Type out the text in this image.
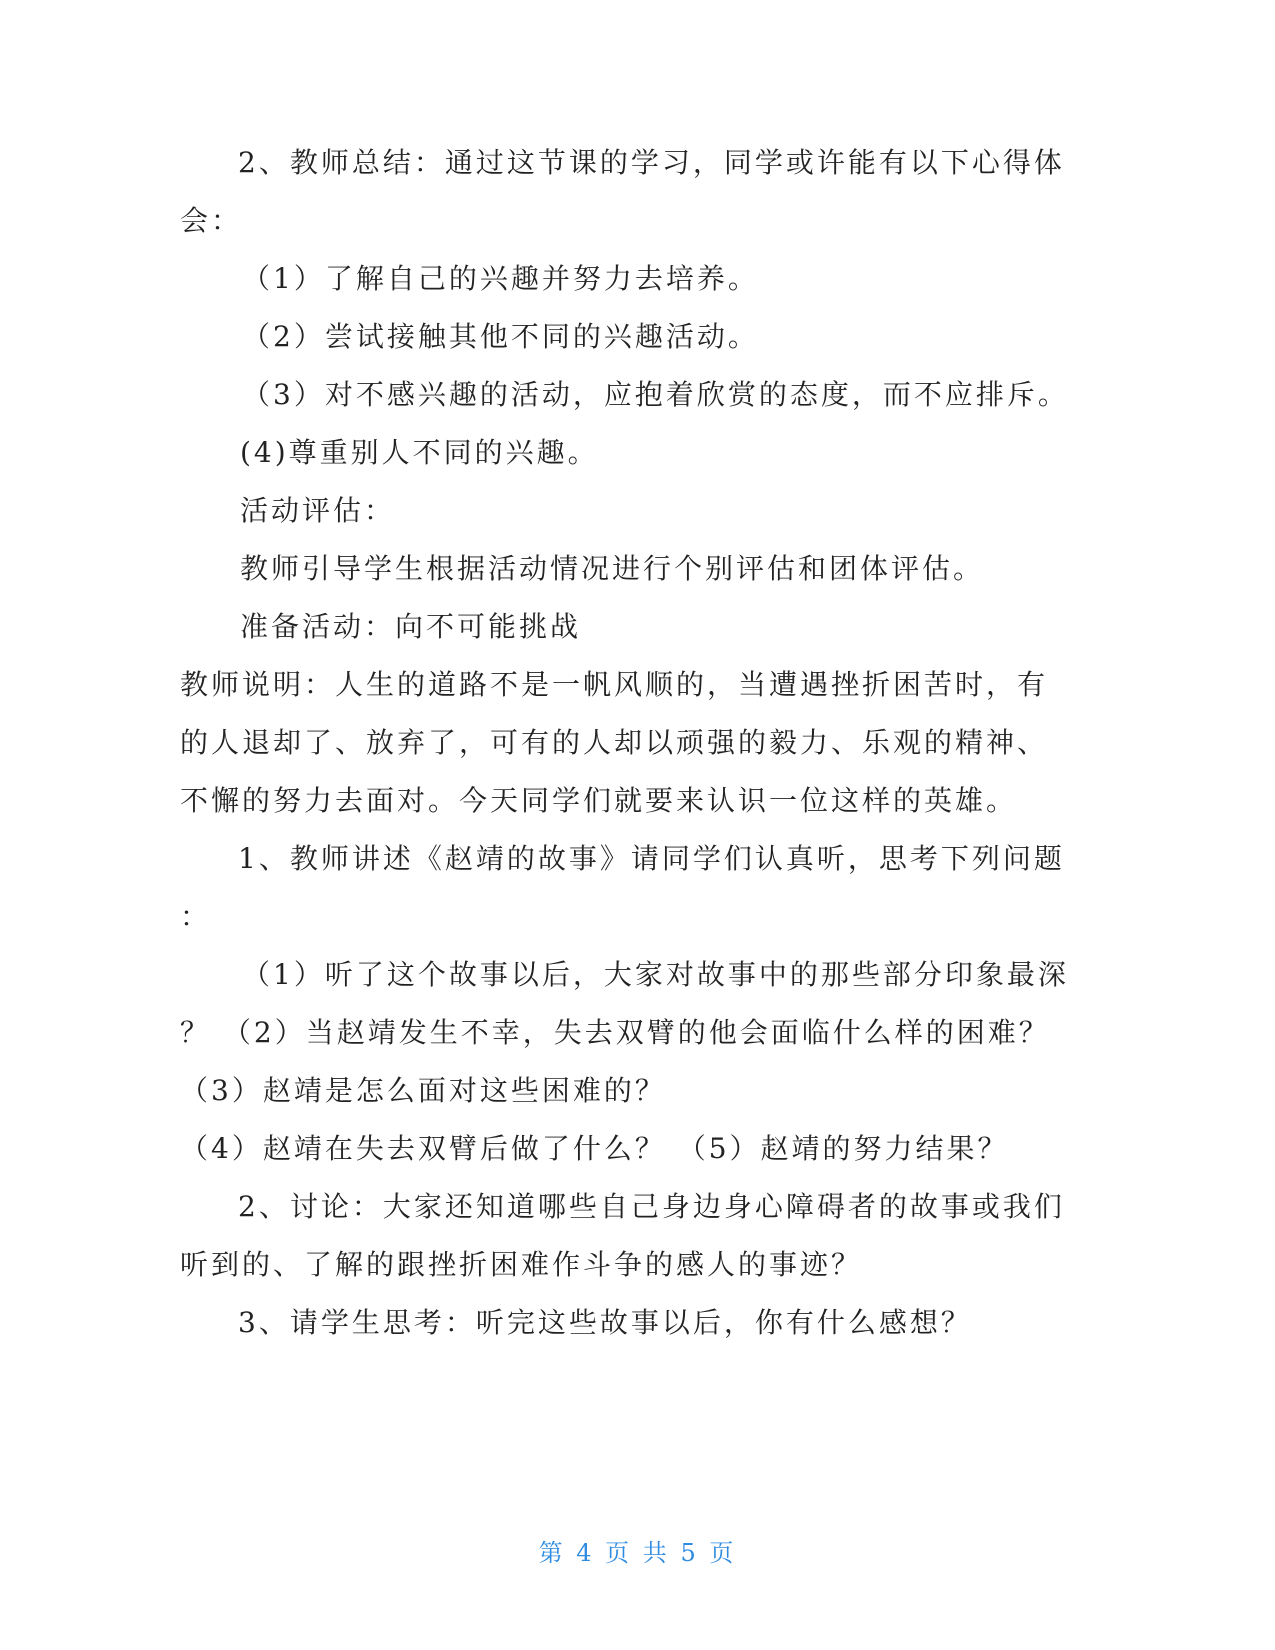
2、教师总结：通过这节课的学习，同学或许能有以下心得体
会：
（1）了解自己的兴趣并努力去培养。
（2）尝试接触其他不同的兴趣活动。
（3）对不感兴趣的活动，应抱着欣赏的态度，而不应排斥。
(4)尊重别人不同的兴趣。
活动评估：
教师引导学生根据活动情况进行个别评估和团体评估。
准备活动：向不可能挑战
教师说明：人生的道路不是一帆风顺的，当遭遇挫折困苦时，有
的人退却了、放弃了，可有的人却以顽强的毅力、乐观的精神、
不懈的努力去面对。今天同学们就要来认识一位这样的英雄。
1、教师讲述《赵靖的故事》请同学们认真听，思考下列问题
：
（1）听了这个故事以后，大家对故事中的那些部分印象最深
？ （2）当赵靖发生不幸，失去双臂的他会面临什么样的困难？
（3）赵靖是怎么面对这些困难的？
（4）赵靖在失去双臂后做了什么？ （5）赵靖的努力结果？
2、讨论：大家还知道哪些自己身边身心障碍者的故事或我们
听到的、了解的跟挫折困难作斗争的感人的事迹？
3、请学生思考：听完这些故事以后，你有什么感想？
第 4 页 共 5 页
